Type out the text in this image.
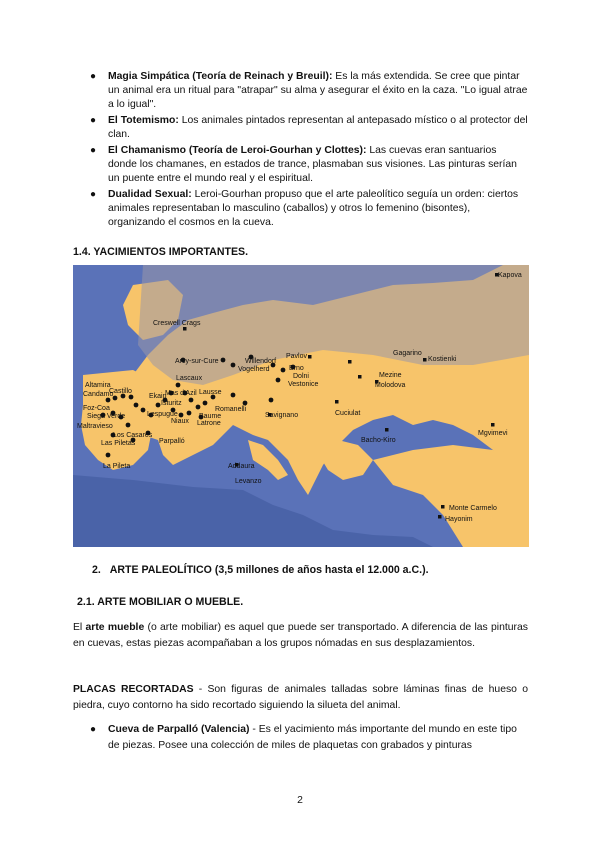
● Magia Simpática (Teoría de Reinach y Breuil): Es la más extendida. Se cree que pintar un animal era un ritual para "atrapar" su alma y asegurar el éxito en la caza. "Lo igual atrae a lo igual".
● El Totemismo: Los animales pintados representan al antepasado místico o al protector del clan.
● El Chamanismo (Teoría de Leroi-Gourhan y Clottes): Las cuevas eran santuarios donde los chamanes, en estados de trance, plasmaban sus visiones. Las pinturas serían un puente entre el mundo real y el espiritual.
● Dualidad Sexual: Leroi-Gourhan propuso que el arte paleolítico seguía un orden: ciertos animales representaban lo masculino (caballos) y otros lo femenino (bisontes), organizando el cosmos en la cueva.
1.4. YACIMIENTOS IMPORTANTES.
Kapova
Creswell Crags
Arcy-sur-Cure	Willendorf
Pavlov
Vogelherd	Brno
Dolni
Vestonice
Gagarino
Kostienki
Mezine
Molodova
Altamira
Castillo
Candamo
Lascaux
Ekain
Isturitz
Mas d'Azil
Lespugue
Lausse
Niaux
Romanelli
Latrone
Baume	Savignano	Cuciulat
Foz-Coa
Siega Verde
Maltravieso
Los Casares
Las Piletas	Parpalló
La Pileta	Addaura
Levanzo
Bacho-Kiro
Mgvimevi
Monte Carmelo
Hayonim
2. ARTE PALEOLÍTICO (3,5 millones de años hasta el 12.000 a.C.).
2.1. ARTE MOBILIAR O MUEBLE.

El arte mueble (o arte mobiliar) es aquel que puede ser transportado. A diferencia de las pinturas en cuevas, estas piezas acompañaban a los grupos nómadas en sus desplazamientos.

PLACAS RECORTADAS - Son figuras de animales talladas sobre láminas finas de hueso o piedra, cuyo contorno ha sido recortado siguiendo la silueta del animal.

● Cueva de Parpalló (Valencia) - Es el yacimiento más importante del mundo en este tipo de piezas. Posee una colección de miles de plaquetas con grabados y pinturas
2
